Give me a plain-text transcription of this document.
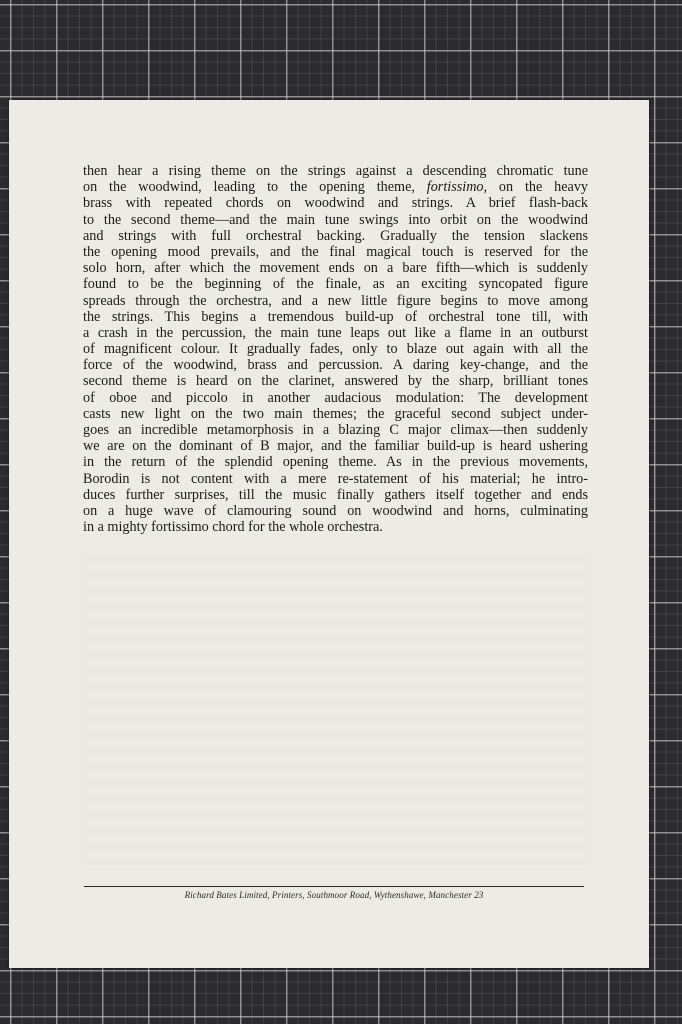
then hear a rising theme on the strings against a descending chromatic tune
on the woodwind, leading to the opening theme, fortissimo, on the heavy
brass with repeated chords on woodwind and strings. A brief flash-back
to the second theme—and the main tune swings into orbit on the woodwind
and strings with full orchestral backing. Gradually the tension slackens
the opening mood prevails, and the final magical touch is reserved for the
solo horn, after which the movement ends on a bare fifth—which is suddenly
found to be the beginning of the finale, as an exciting syncopated figure
spreads through the orchestra, and a new little figure begins to move among
the strings. This begins a tremendous build-up of orchestral tone till, with
a crash in the percussion, the main tune leaps out like a flame in an outburst
of magnificent colour. It gradually fades, only to blaze out again with all the
force of the woodwind, brass and percussion. A daring key-change, and the
second theme is heard on the clarinet, answered by the sharp, brilliant tones
of oboe and piccolo in another audacious modulation: The development
casts new light on the two main themes; the graceful second subject under-
goes an incredible metamorphosis in a blazing C major climax—then suddenly
we are on the dominant of B major, and the familiar build-up is heard ushering
in the return of the splendid opening theme. As in the previous movements,
Borodin is not content with a mere re-statement of his material; he intro-
duces further surprises, till the music finally gathers itself together and ends
on a huge wave of clamouring sound on woodwind and horns, culminating
in a mighty fortissimo chord for the whole orchestra.
Richard Bates Limited, Printers, Southmoor Road, Wythenshawe, Manchester 23
